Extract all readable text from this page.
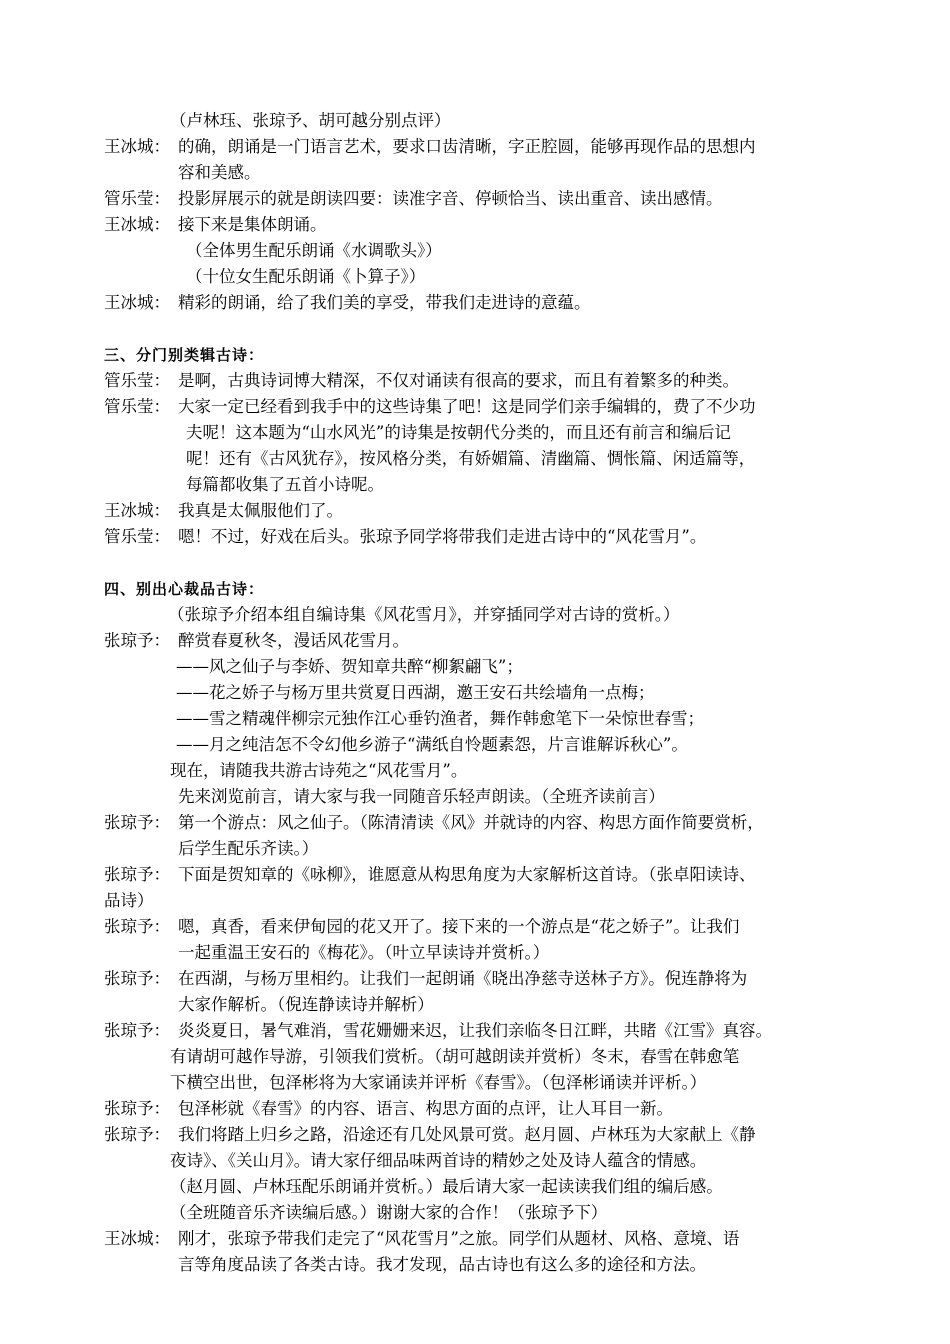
（卢林珏、张琼予、胡可越分别点评）
王冰城： 的确，朗诵是一门语言艺术，要求口齿清晰，字正腔圆，能够再现作品的思想内
容和美感。
管乐莹： 投影屏展示的就是朗读四要：读准字音、停顿恰当、读出重音、读出感情。
王冰城： 接下来是集体朗诵。
（全体男生配乐朗诵《水调歌头》）
（十位女生配乐朗诵《卜算子》）
王冰城： 精彩的朗诵，给了我们美的享受，带我们走进诗的意蕴。
三、分门别类辑古诗：
管乐莹： 是啊，古典诗词博大精深，不仅对诵读有很高的要求，而且有着繁多的种类。
管乐莹： 大家一定已经看到我手中的这些诗集了吧！这是同学们亲手编辑的，费了不少功
夫呢！这本题为“山水风光”的诗集是按朝代分类的，而且还有前言和编后记
呢！还有《古风犹存》，按风格分类，有娇媚篇、清幽篇、惆怅篇、闲适篇等，
每篇都收集了五首小诗呢。
王冰城： 我真是太佩服他们了。
管乐莹： 嗯！不过，好戏在后头。张琼予同学将带我们走进古诗中的“风花雪月”。
四、别出心裁品古诗：
（张琼予介绍本组自编诗集《风花雪月》，并穿插同学对古诗的赏析。）
张琼予： 醉赏春夏秋冬，漫话风花雪月。
——风之仙子与李娇、贺知章共醉“柳絮翩飞”；
——花之娇子与杨万里共赏夏日西湖，邀王安石共绘墙角一点梅；
——雪之精魂伴柳宗元独作江心垂钓渔者，舞作韩愈笔下一朵惊世春雪；
——月之纯洁怎不令幻他乡游子“满纸自怜题素怨，片言谁解诉秋心”。
现在，请随我共游古诗苑之“风花雪月”。
先来浏览前言，请大家与我一同随音乐轻声朗读。（全班齐读前言）
张琼予： 第一个游点：风之仙子。（陈清清读《风》并就诗的内容、构思方面作简要赏析，
后学生配乐齐读。）
张琼予： 下面是贺知章的《咏柳》，谁愿意从构思角度为大家解析这首诗。（张卓阳读诗、
品诗）
张琼予： 嗯，真香，看来伊甸园的花又开了。接下来的一个游点是“花之娇子”。让我们
一起重温王安石的《梅花》。（叶立早读诗并赏析。）
张琼予： 在西湖，与杨万里相约。让我们一起朗诵《晓出净慈寺送林子方》。倪连静将为
大家作解析。（倪连静读诗并解析）
张琼予： 炎炎夏日，暑气难消，雪花姗姗来迟，让我们亲临冬日江畔，共睹《江雪》真容。
有请胡可越作导游，引领我们赏析。（胡可越朗读并赏析）冬末，春雪在韩愈笔
下横空出世，包泽彬将为大家诵读并评析《春雪》。（包泽彬诵读并评析。）
张琼予： 包泽彬就《春雪》的内容、语言、构思方面的点评，让人耳目一新。
张琼予： 我们将踏上归乡之路，沿途还有几处风景可赏。赵月圆、卢林珏为大家献上《静
夜诗》、《关山月》。请大家仔细品味两首诗的精妙之处及诗人蕴含的情感。
（赵月圆、卢林珏配乐朗诵并赏析。）最后请大家一起读读我们组的编后感。
（全班随音乐齐读编后感。）谢谢大家的合作！（张琼予下）
王冰城： 刚才，张琼予带我们走完了“风花雪月”之旅。同学们从题材、风格、意境、语
言等角度品读了各类古诗。我才发现，品古诗也有这么多的途径和方法。
